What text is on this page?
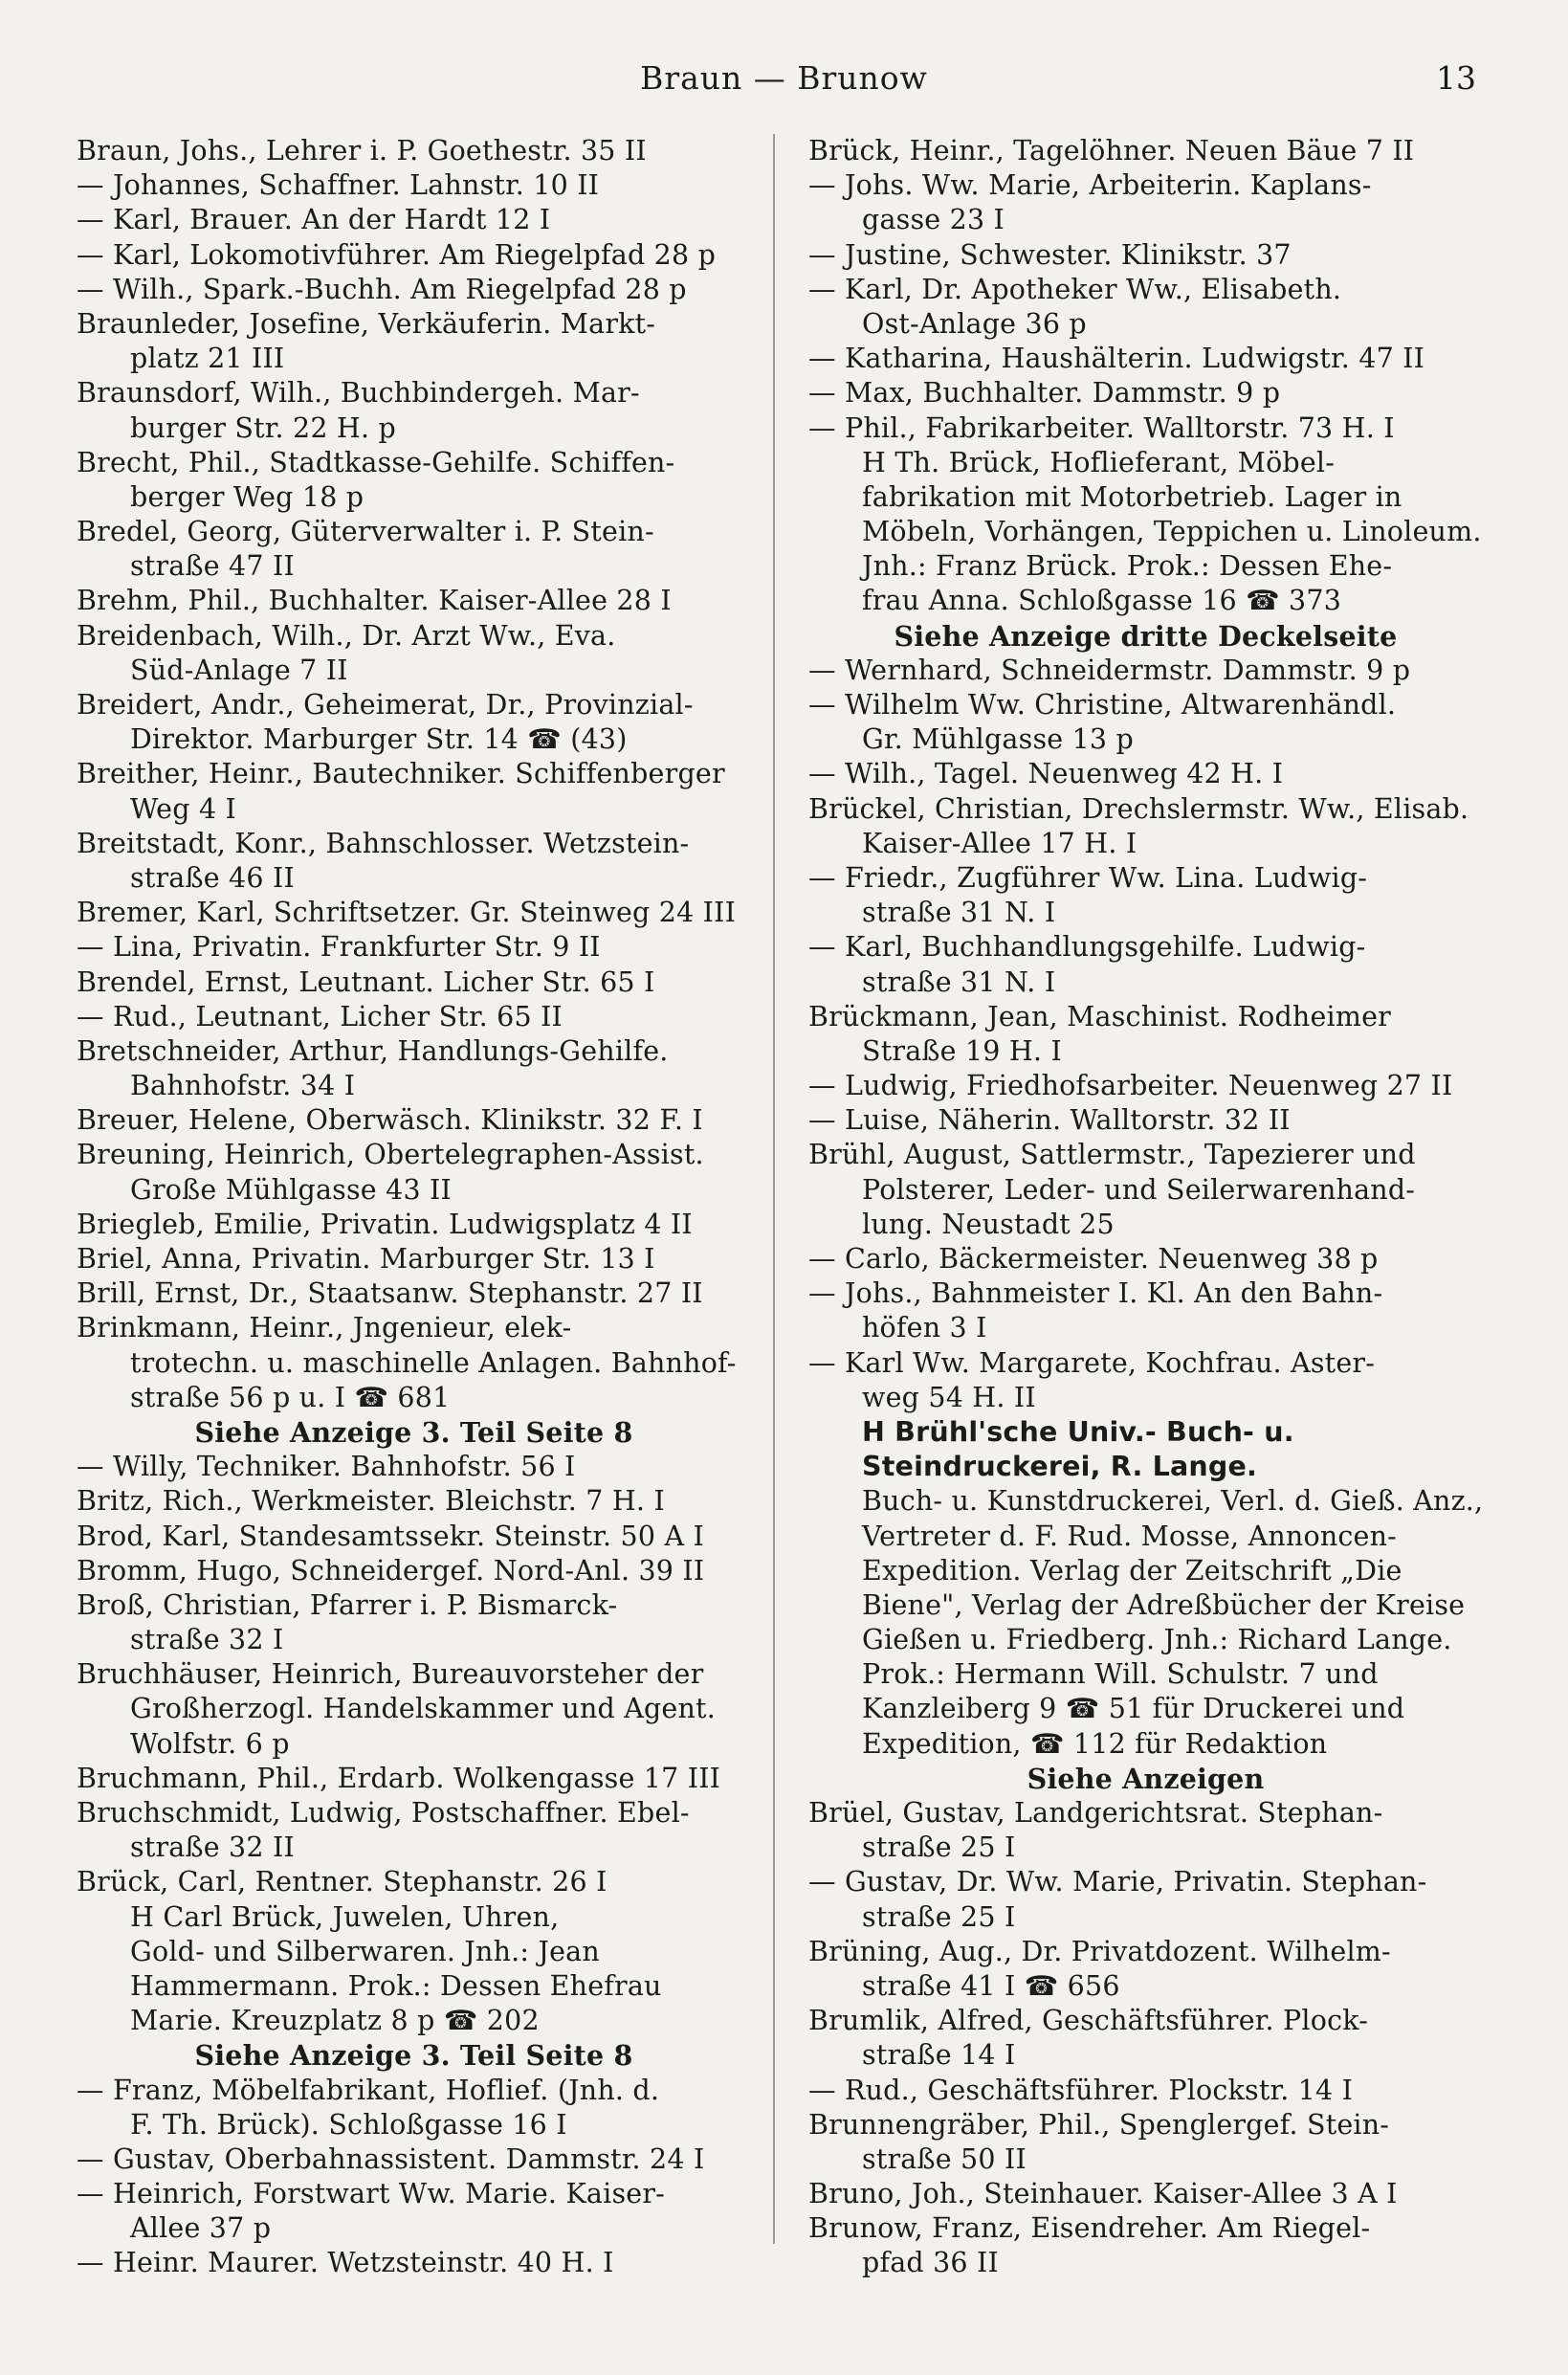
Braun — Brunow	13
Braun, Johs., Lehrer i. P. Goethestr. 35 II
— Johannes, Schaffner. Lahnstr. 10 II
— Karl, Brauer. An der Hardt 12 I
— Karl, Lokomotivführer. Am Riegelpfad 28 p
— Wilh., Spark.-Buchh. Am Riegelpfad 28 p
Braunleder, Josefine, Verkäuferin. Markt-
platz 21 III
Braunsdorf, Wilh., Buchbindergeh. Mar-
burger Str. 22 H. p
Brecht, Phil., Stadtkasse-Gehilfe. Schiffen-
berger Weg 18 p
Bredel, Georg, Güterverwalter i. P. Stein-
straße 47 II
Brehm, Phil., Buchhalter. Kaiser-Allee 28 I
Breidenbach, Wilh., Dr. Arzt Ww., Eva.
Süd-Anlage 7 II
Breidert, Andr., Geheimerat, Dr., Provinzial-
Direktor. Marburger Str. 14 ☎ (43)
Breither, Heinr., Bautechniker. Schiffenberger
Weg 4 I
Breitstadt, Konr., Bahnschlosser. Wetzstein-
straße 46 II
Bremer, Karl, Schriftsetzer. Gr. Steinweg 24 III
— Lina, Privatin. Frankfurter Str. 9 II
Brendel, Ernst, Leutnant. Licher Str. 65 I
— Rud., Leutnant, Licher Str. 65 II
Bretschneider, Arthur, Handlungs-Gehilfe.
Bahnhofstr. 34 I
Breuer, Helene, Oberwäsch. Klinikstr. 32 F. I
Breuning, Heinrich, Obertelegraphen-Assist.
Große Mühlgasse 43 II
Briegleb, Emilie, Privatin. Ludwigsplatz 4 II
Briel, Anna, Privatin. Marburger Str. 13 I
Brill, Ernst, Dr., Staatsanw. Stephanstr. 27 II
Brinkmann, Heinr., Jngenieur, elek-
trotechn. u. maschinelle Anlagen. Bahnhof-
straße 56 p u. I ☎ 681
Siehe Anzeige 3. Teil Seite 8
— Willy, Techniker. Bahnhofstr. 56 I
Britz, Rich., Werkmeister. Bleichstr. 7 H. I
Brod, Karl, Standesamtssekr. Steinstr. 50 A I
Bromm, Hugo, Schneidergef. Nord-Anl. 39 II
Broß, Christian, Pfarrer i. P. Bismarck-
straße 32 I
Bruchhäuser, Heinrich, Bureauvorsteher der
Großherzogl. Handelskammer und Agent.
Wolfstr. 6 p
Bruchmann, Phil., Erdarb. Wolkengasse 17 III
Bruchschmidt, Ludwig, Postschaffner. Ebel-
straße 32 II
Brück, Carl, Rentner. Stephanstr. 26 I
H Carl Brück, Juwelen, Uhren,
Gold- und Silberwaren. Jnh.: Jean
Hammermann. Prok.: Dessen Ehefrau
Marie. Kreuzplatz 8 p ☎ 202
Siehe Anzeige 3. Teil Seite 8
— Franz, Möbelfabrikant, Hoflief. (Jnh. d.
F. Th. Brück). Schloßgasse 16 I
— Gustav, Oberbahnassistent. Dammstr. 24 I
— Heinrich, Forstwart Ww. Marie. Kaiser-
Allee 37 p
— Heinr. Maurer. Wetzsteinstr. 40 H. I
Brück, Heinr., Tagelöhner. Neuen Bäue 7 II
— Johs. Ww. Marie, Arbeiterin. Kaplans-
gasse 23 I
— Justine, Schwester. Klinikstr. 37
— Karl, Dr. Apotheker Ww., Elisabeth.
Ost-Anlage 36 p
— Katharina, Haushälterin. Ludwigstr. 47 II
— Max, Buchhalter. Dammstr. 9 p
— Phil., Fabrikarbeiter. Walltorstr. 73 H. I
H Th. Brück, Hoflieferant, Möbel-
fabrikation mit Motorbetrieb. Lager in
Möbeln, Vorhängen, Teppichen u. Linoleum.
Jnh.: Franz Brück. Prok.: Dessen Ehe-
frau Anna. Schloßgasse 16 ☎ 373
Siehe Anzeige dritte Deckelseite
— Wernhard, Schneidermstr. Dammstr. 9 p
— Wilhelm Ww. Christine, Altwarenhändl.
Gr. Mühlgasse 13 p
— Wilh., Tagel. Neuenweg 42 H. I
Brückel, Christian, Drechslermstr. Ww., Elisab.
Kaiser-Allee 17 H. I
— Friedr., Zugführer Ww. Lina. Ludwig-
straße 31 N. I
— Karl, Buchhandlungsgehilfe. Ludwig-
straße 31 N. I
Brückmann, Jean, Maschinist. Rodheimer
Straße 19 H. I
— Ludwig, Friedhofsarbeiter. Neuenweg 27 II
— Luise, Näherin. Walltorstr. 32 II
Brühl, August, Sattlermstr., Tapezierer und
Polsterer, Leder- und Seilerwarenhand-
lung. Neustadt 25
— Carlo, Bäckermeister. Neuenweg 38 p
— Johs., Bahnmeister I. Kl. An den Bahn-
höfen 3 I
— Karl Ww. Margarete, Kochfrau. Aster-
weg 54 H. II
H Brühl'sche Univ.- Buch- u.
Steindruckerei, R. Lange.
Buch- u. Kunstdruckerei, Verl. d. Gieß. Anz.,
Vertreter d. F. Rud. Mosse, Annoncen-
Expedition. Verlag der Zeitschrift „Die
Biene", Verlag der Adreßbücher der Kreise
Gießen u. Friedberg. Jnh.: Richard Lange.
Prok.: Hermann Will. Schulstr. 7 und
Kanzleiberg 9 ☎ 51 für Druckerei und
Expedition, ☎ 112 für Redaktion
Siehe Anzeigen
Brüel, Gustav, Landgerichtsrat. Stephan-
straße 25 I
— Gustav, Dr. Ww. Marie, Privatin. Stephan-
straße 25 I
Brüning, Aug., Dr. Privatdozent. Wilhelm-
straße 41 I ☎ 656
Brumlik, Alfred, Geschäftsführer. Plock-
straße 14 I
— Rud., Geschäftsführer. Plockstr. 14 I
Brunnengräber, Phil., Spenglergef. Stein-
straße 50 II
Bruno, Joh., Steinhauer. Kaiser-Allee 3 A I
Brunow, Franz, Eisendreher. Am Riegel-
pfad 36 II
